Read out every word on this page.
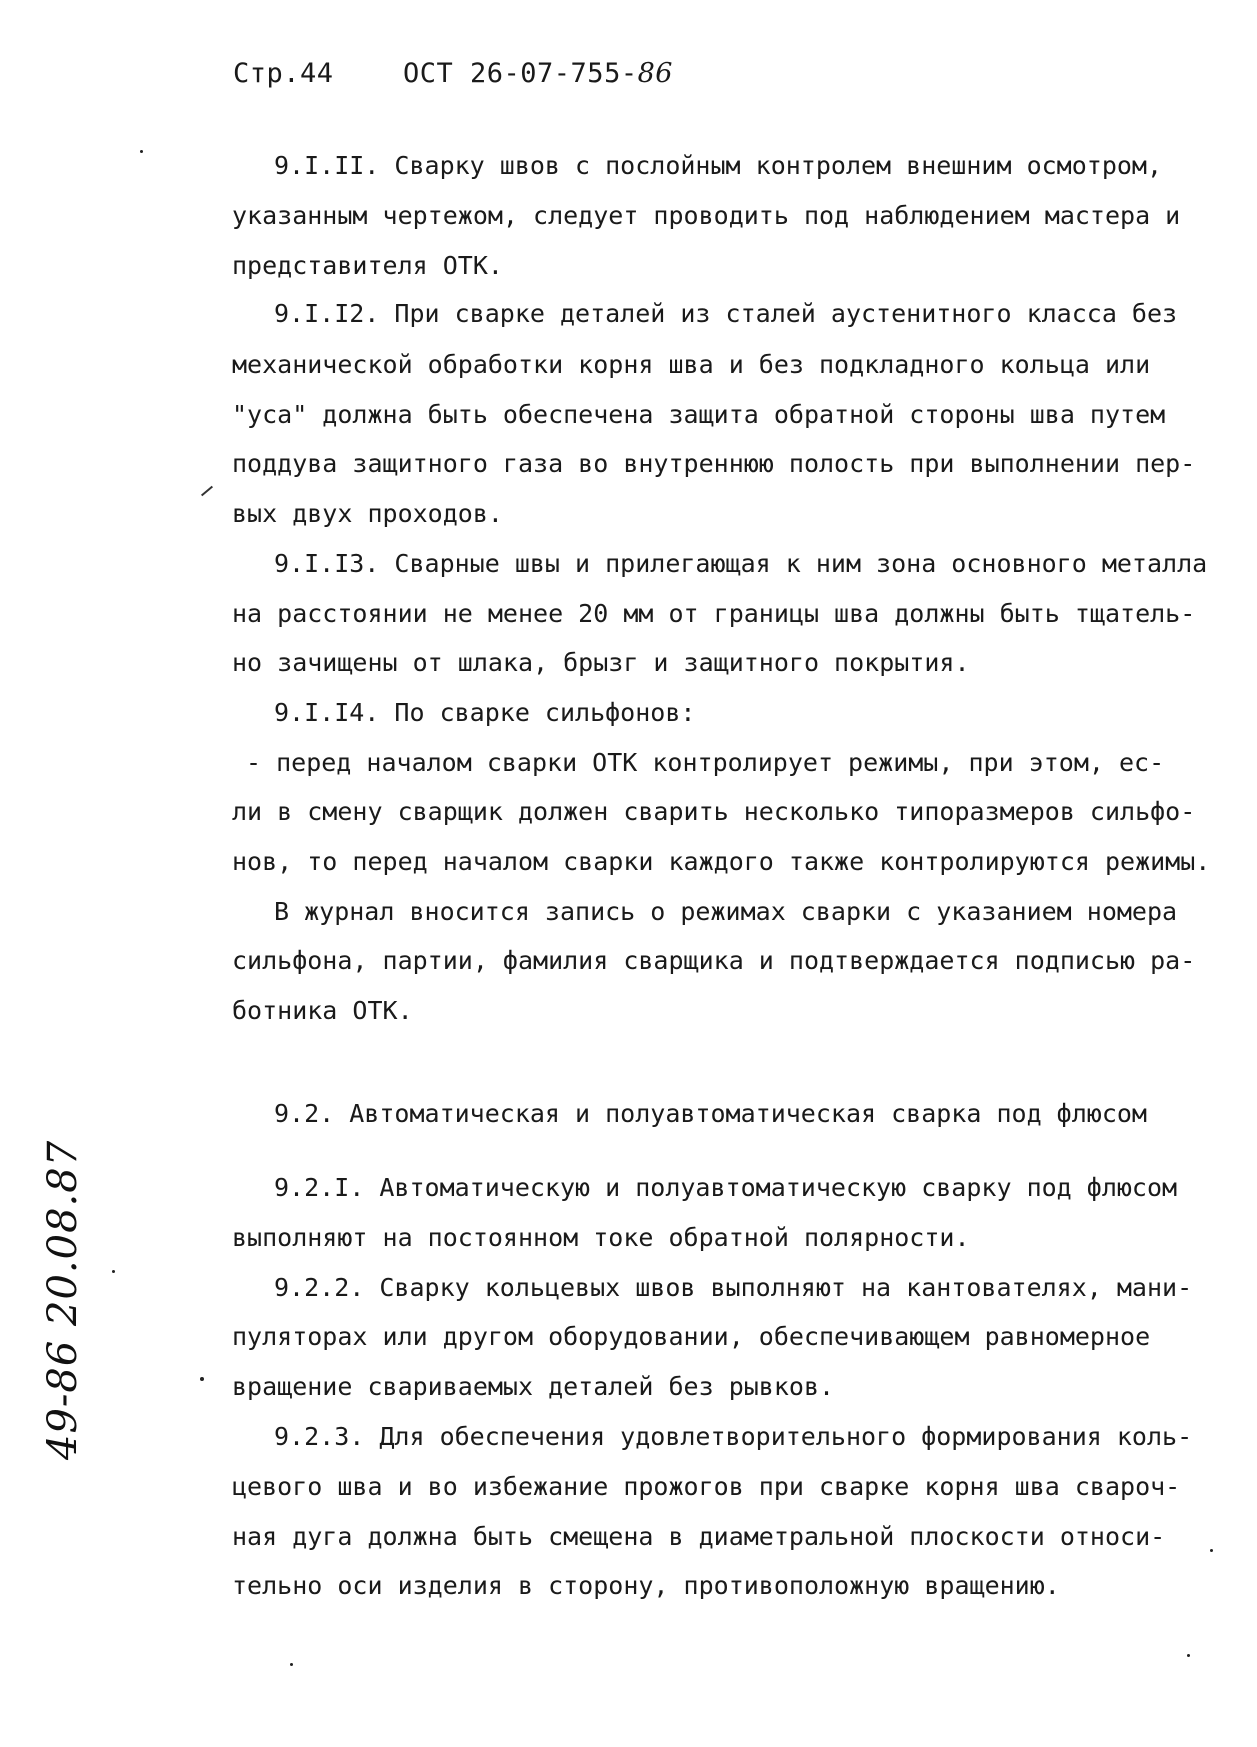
Стр.44	ОСТ 26-07-755-86
9.I.II. Сварку швов с послойным контролем внешним осмотром,
указанным чертежом, следует проводить под наблюдением мастера и
представителя ОТК.
9.I.I2. При сварке деталей из сталей аустенитного класса без
механической обработки корня шва и без подкладного кольца или
"уса" должна быть обеспечена защита обратной стороны шва путем
поддува защитного газа во внутреннюю полость при выполнении пер-
вых двух проходов.
9.I.I3. Сварные швы и прилегающая к ним зона основного металла
на расстоянии не менее 20 мм от границы шва должны быть тщатель-
но зачищены от шлака, брызг и защитного покрытия.
9.I.I4. По сварке сильфонов:
- перед началом сварки ОТК контролирует режимы, при этом, ес-
ли в смену сварщик должен сварить несколько типоразмеров сильфо-
нов, то перед началом сварки каждого также контролируются режимы.
В журнал вносится запись о режимах сварки с указанием номера
сильфона, партии, фамилия сварщика и подтверждается подписью ра-
ботника ОТК.
9.2. Автоматическая и полуавтоматическая сварка под флюсом
9.2.I. Автоматическую и полуавтоматическую сварку под флюсом
выполняют на постоянном токе обратной полярности.
9.2.2. Сварку кольцевых швов выполняют на кантователях, мани-
пуляторах или другом оборудовании, обеспечивающем равномерное
вращение свариваемых деталей без рывков.
9.2.3. Для обеспечения удовлетворительного формирования коль-
цевого шва и во избежание прожогов при сварке корня шва свароч-
ная дуга должна быть смещена в диаметральной плоскости относи-
тельно оси изделия в сторону, противоположную вращению.
49-86 20.08.87
